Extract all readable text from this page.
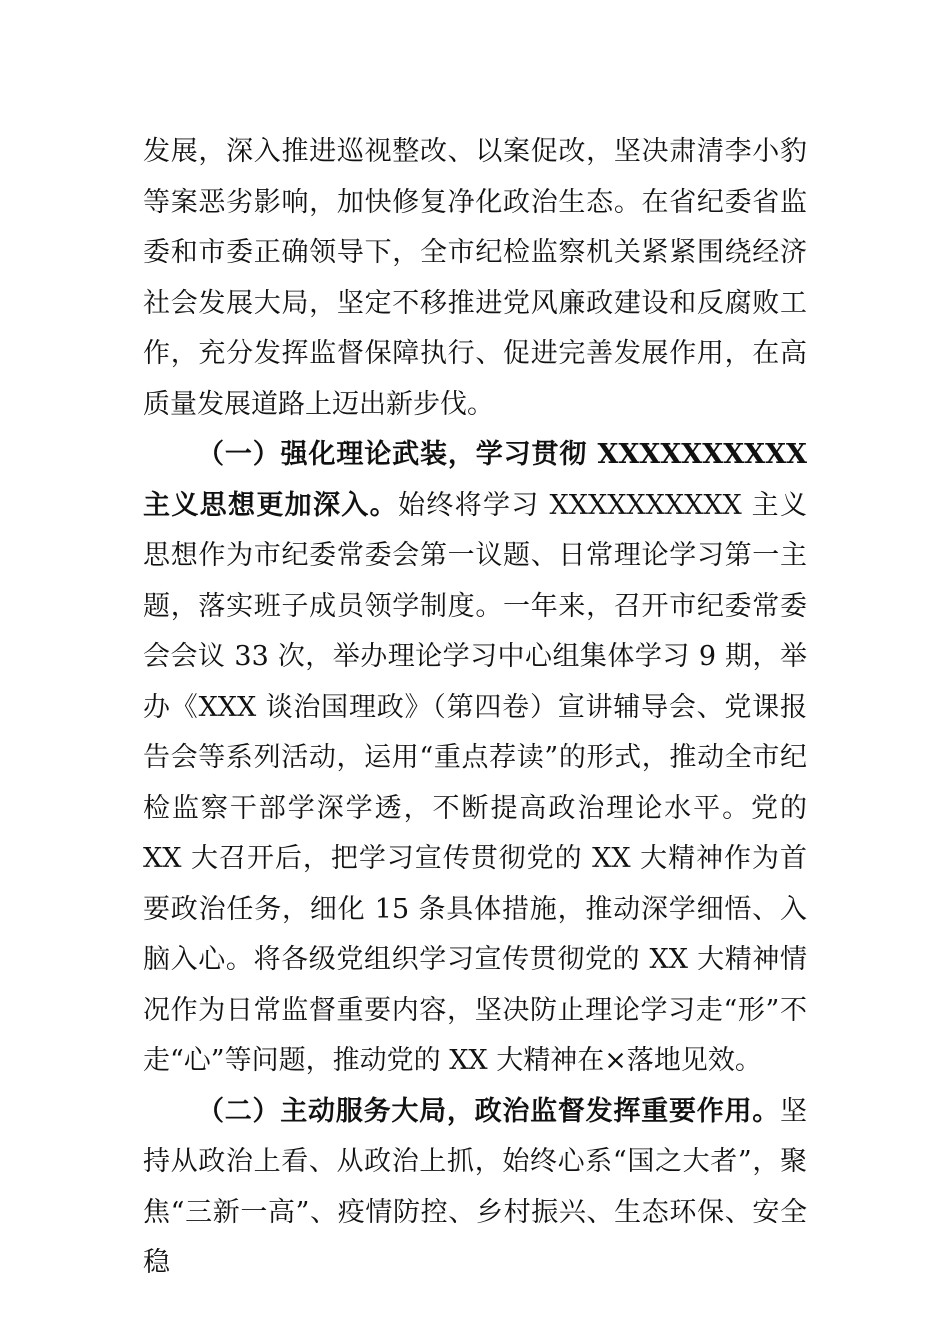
发展，深入推进巡视整改、以案促改，坚决肃清李小豹等案恶劣影响，加快修复净化政治生态。在省纪委省监委和市委正确领导下，全市纪检监察机关紧紧围绕经济社会发展大局，坚定不移推进党风廉政建设和反腐败工作，充分发挥监督保障执行、促进完善发展作用，在高质量发展道路上迈出新步伐。

（一）强化理论武装，学习贯彻 XXXXXXXXXX 主义思想更加深入。始终将学习 XXXXXXXXXX 主义思想作为市纪委常委会第一议题、日常理论学习第一主题，落实班子成员领学制度。一年来，召开市纪委常委会会议 33 次，举办理论学习中心组集体学习 9 期，举办《XXX 谈治国理政》（第四卷）宣讲辅导会、党课报告会等系列活动，运用“重点荐读”的形式，推动全市纪检监察干部学深学透，不断提高政治理论水平。党的 XX 大召开后，把学习宣传贯彻党的 XX 大精神作为首要政治任务，细化 15 条具体措施，推动深学细悟、入脑入心。将各级党组织学习宣传贯彻党的 XX 大精神情况作为日常监督重要内容，坚决防止理论学习走“形”不走“心”等问题，推动党的 XX 大精神在×落地见效。

（二）主动服务大局，政治监督发挥重要作用。坚持从政治上看、从政治上抓，始终心系“国之大者”，聚焦“三新一高”、疫情防控、乡村振兴、生态环保、安全稳
